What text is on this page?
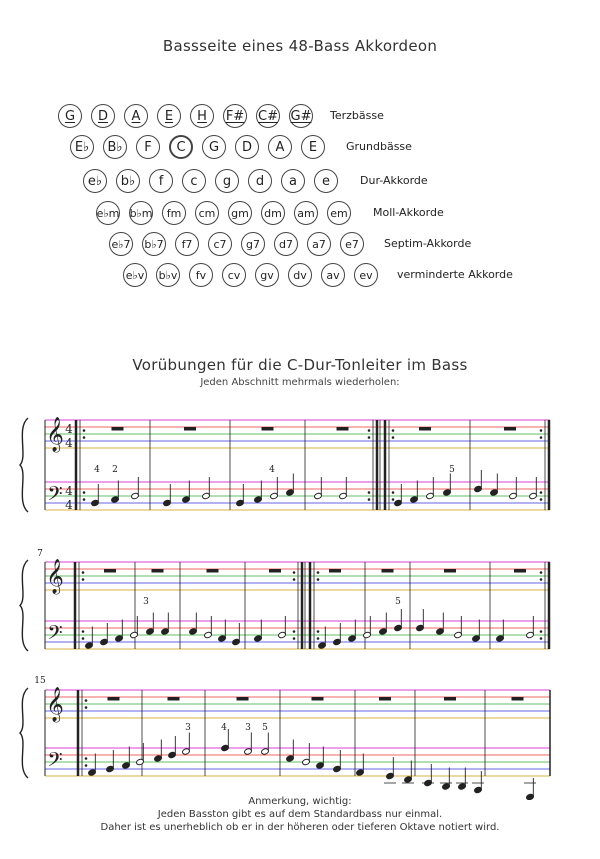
Bassseite eines 48-Bass Akkordeon
G D A E H F# C# G# Terzbässe
E♭	B♭	F	C	G	D	A	E	Grundbässe
e♭	b♭	f	c	g	d	a	e	Dur-Akkorde
e♭m b♭m	fm	cm	gm dm am em Moll-Akkorde
e♭7 b♭7	f7	c7	g7	d7	a7	e7	Septim-Akkorde
e♭v b♭v	fv	cv	gv	dv	av	ev	verminderte Akkorde
Vorübungen für die C-Dur-Tonleiter im Bass
Jeden Abschnitt mehrmals wiederholen:
𝄞
𝄢
4
4
4
4
𝄞
𝄢
𝄞
𝄢
7
15
4 2	4	5
3	5
3	4 3 5
Anmerkung, wichtig:
Jeden Basston gibt es auf dem Standardbass nur einmal.
Daher ist es unerheblich ob er in der höheren oder tieferen Oktave notiert wird.
